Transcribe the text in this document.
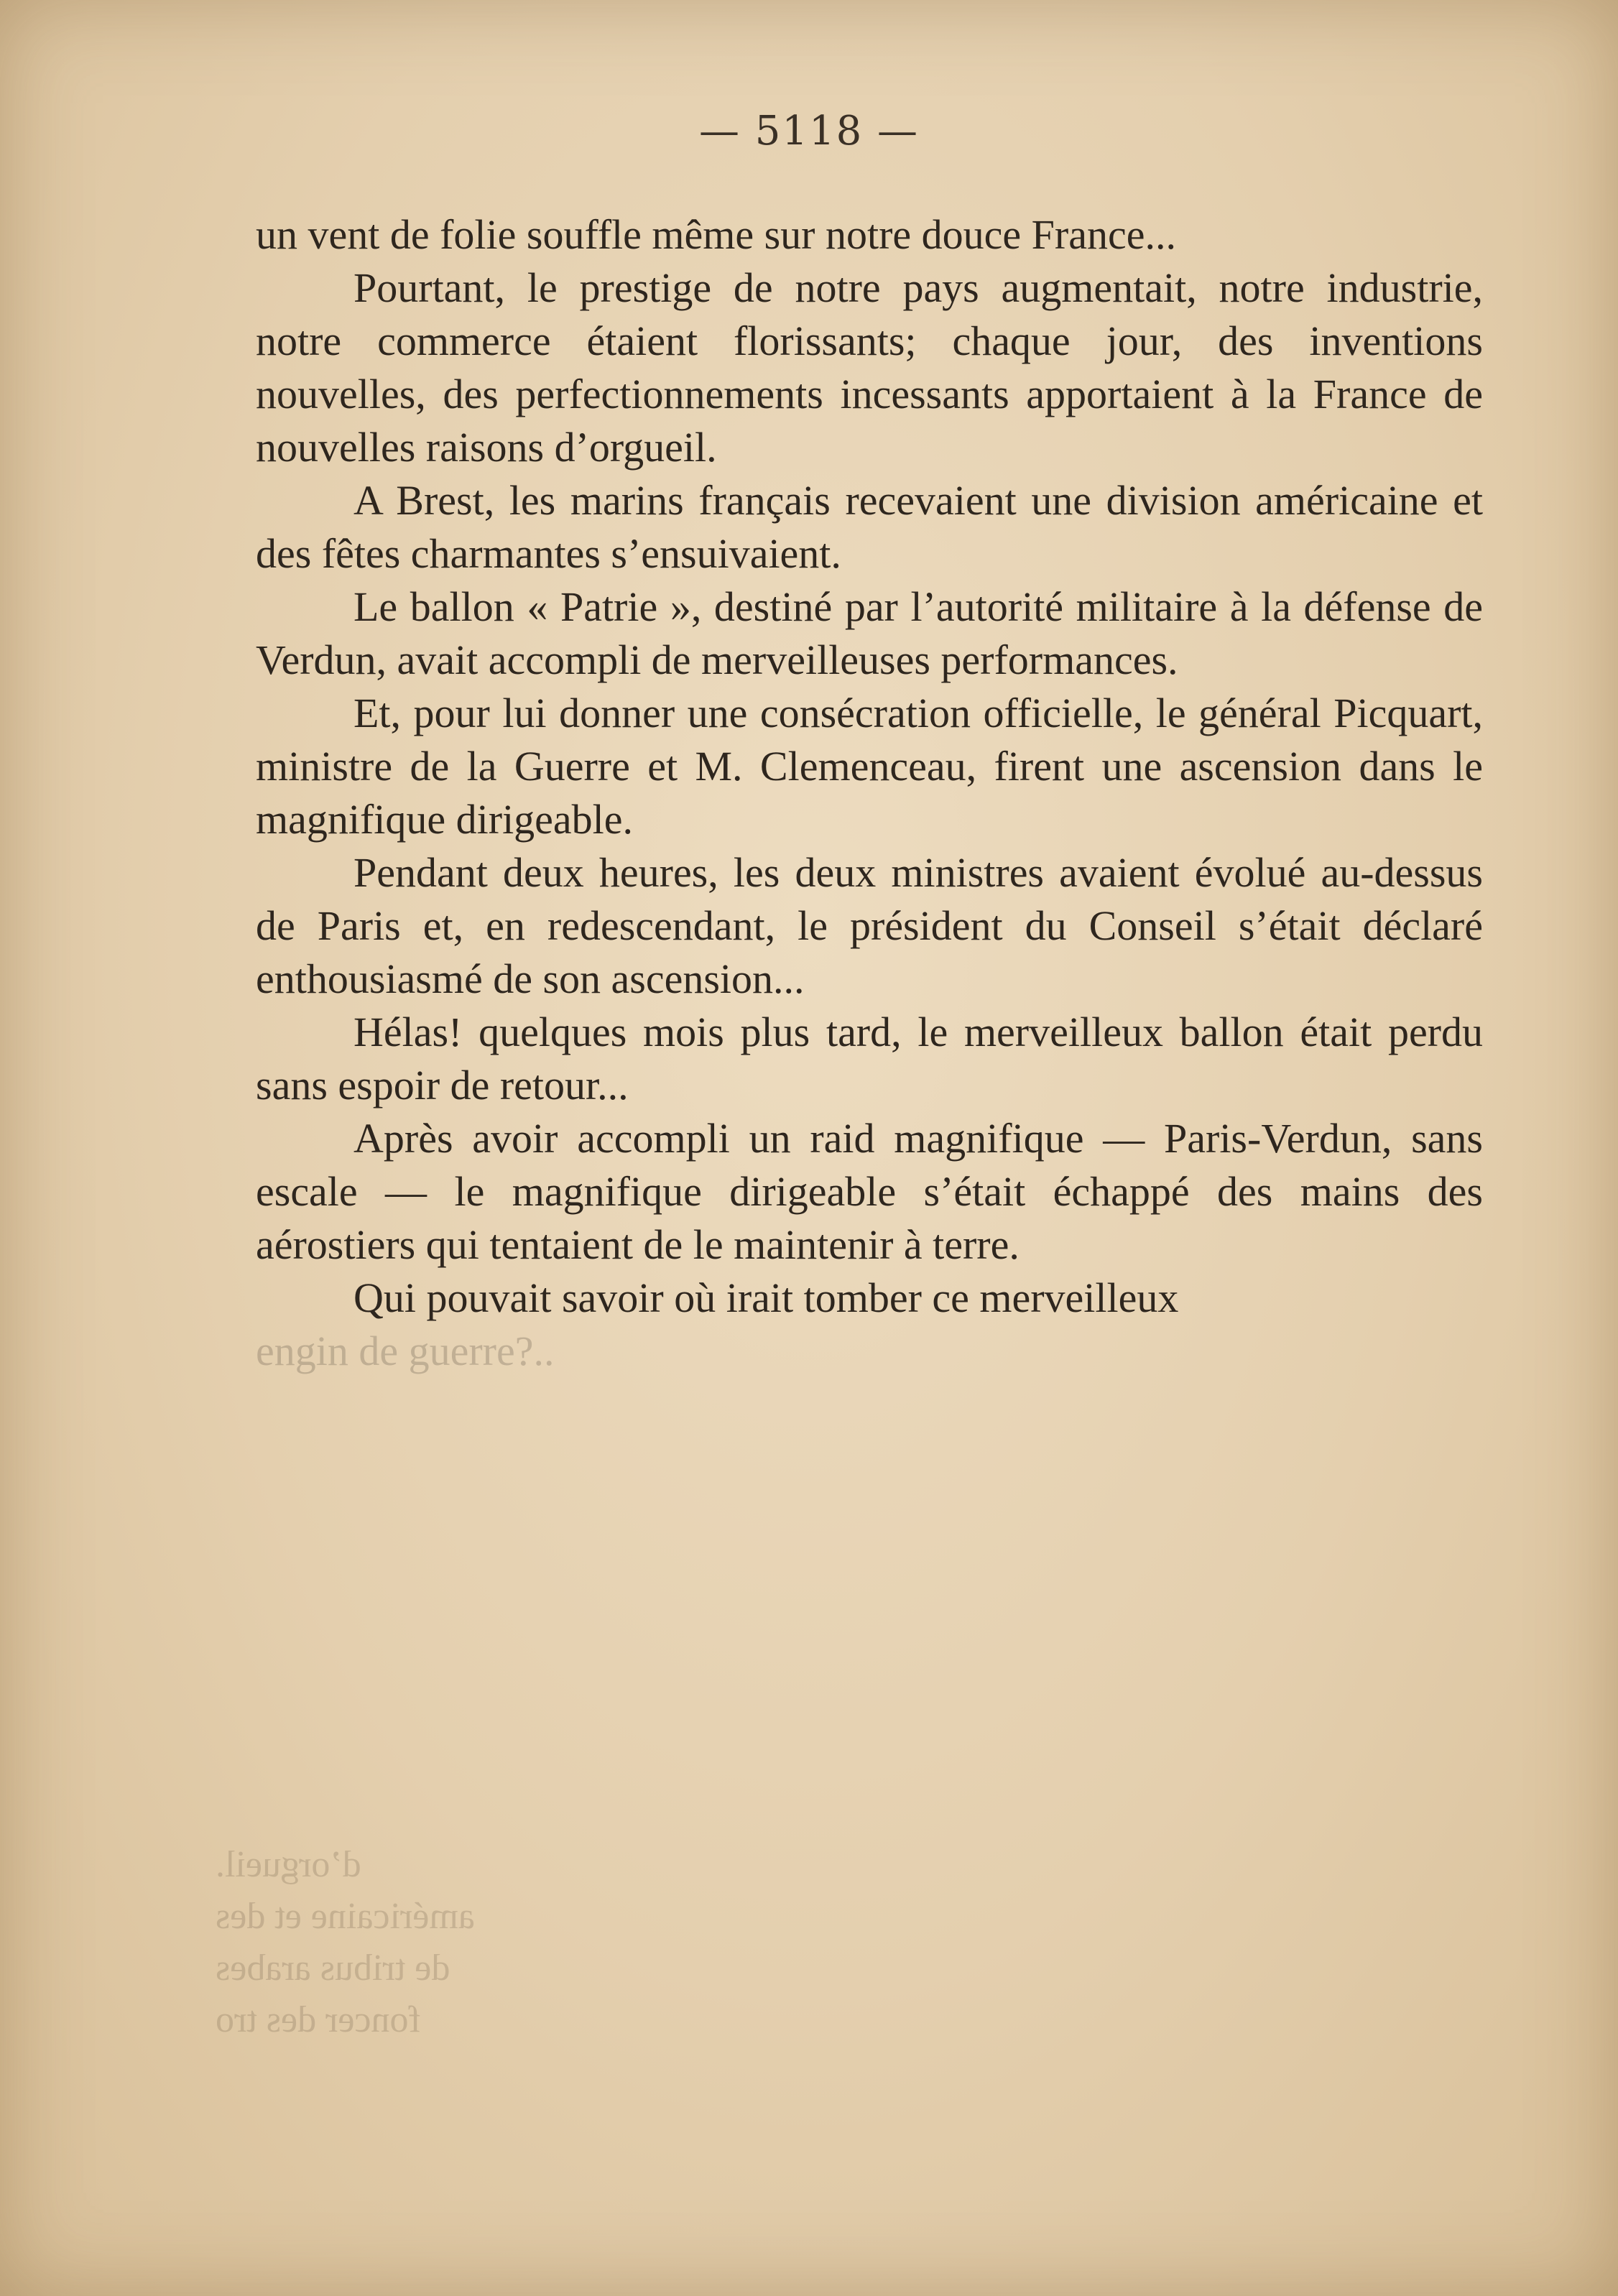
— 5118 —

un vent de folie souffle même sur notre douce France...

Pourtant, le prestige de notre pays augmentait, notre industrie, notre commerce étaient florissants; chaque jour, des inventions nouvelles, des perfectionnements incessants apportaient à la France de nouvelles raisons d’orgueil.

A Brest, les marins français recevaient une division américaine et des fêtes charmantes s’ensuivaient.

Le ballon « Patrie », destiné par l’autorité militaire à la défense de Verdun, avait accompli de merveilleuses performances.

Et, pour lui donner une consécration officielle, le général Picquart, ministre de la Guerre et M. Clemenceau, firent une ascension dans le magnifique dirigeable.

Pendant deux heures, les deux ministres avaient évolué au-dessus de Paris et, en redescendant, le président du Conseil s’était déclaré enthousiasmé de son ascension...

Hélas! quelques mois plus tard, le merveilleux ballon était perdu sans espoir de retour...

Après avoir accompli un raid magnifique — Paris-Verdun, sans escale — le magnifique dirigeable s’était échappé des mains des aérostiers qui tentaient de le maintenir à terre.

Qui pouvait savoir où irait tomber ce merveilleux

engin de guerre?..

d’orgueil.
américaine et des
de tribus arabes
foncer des tro
